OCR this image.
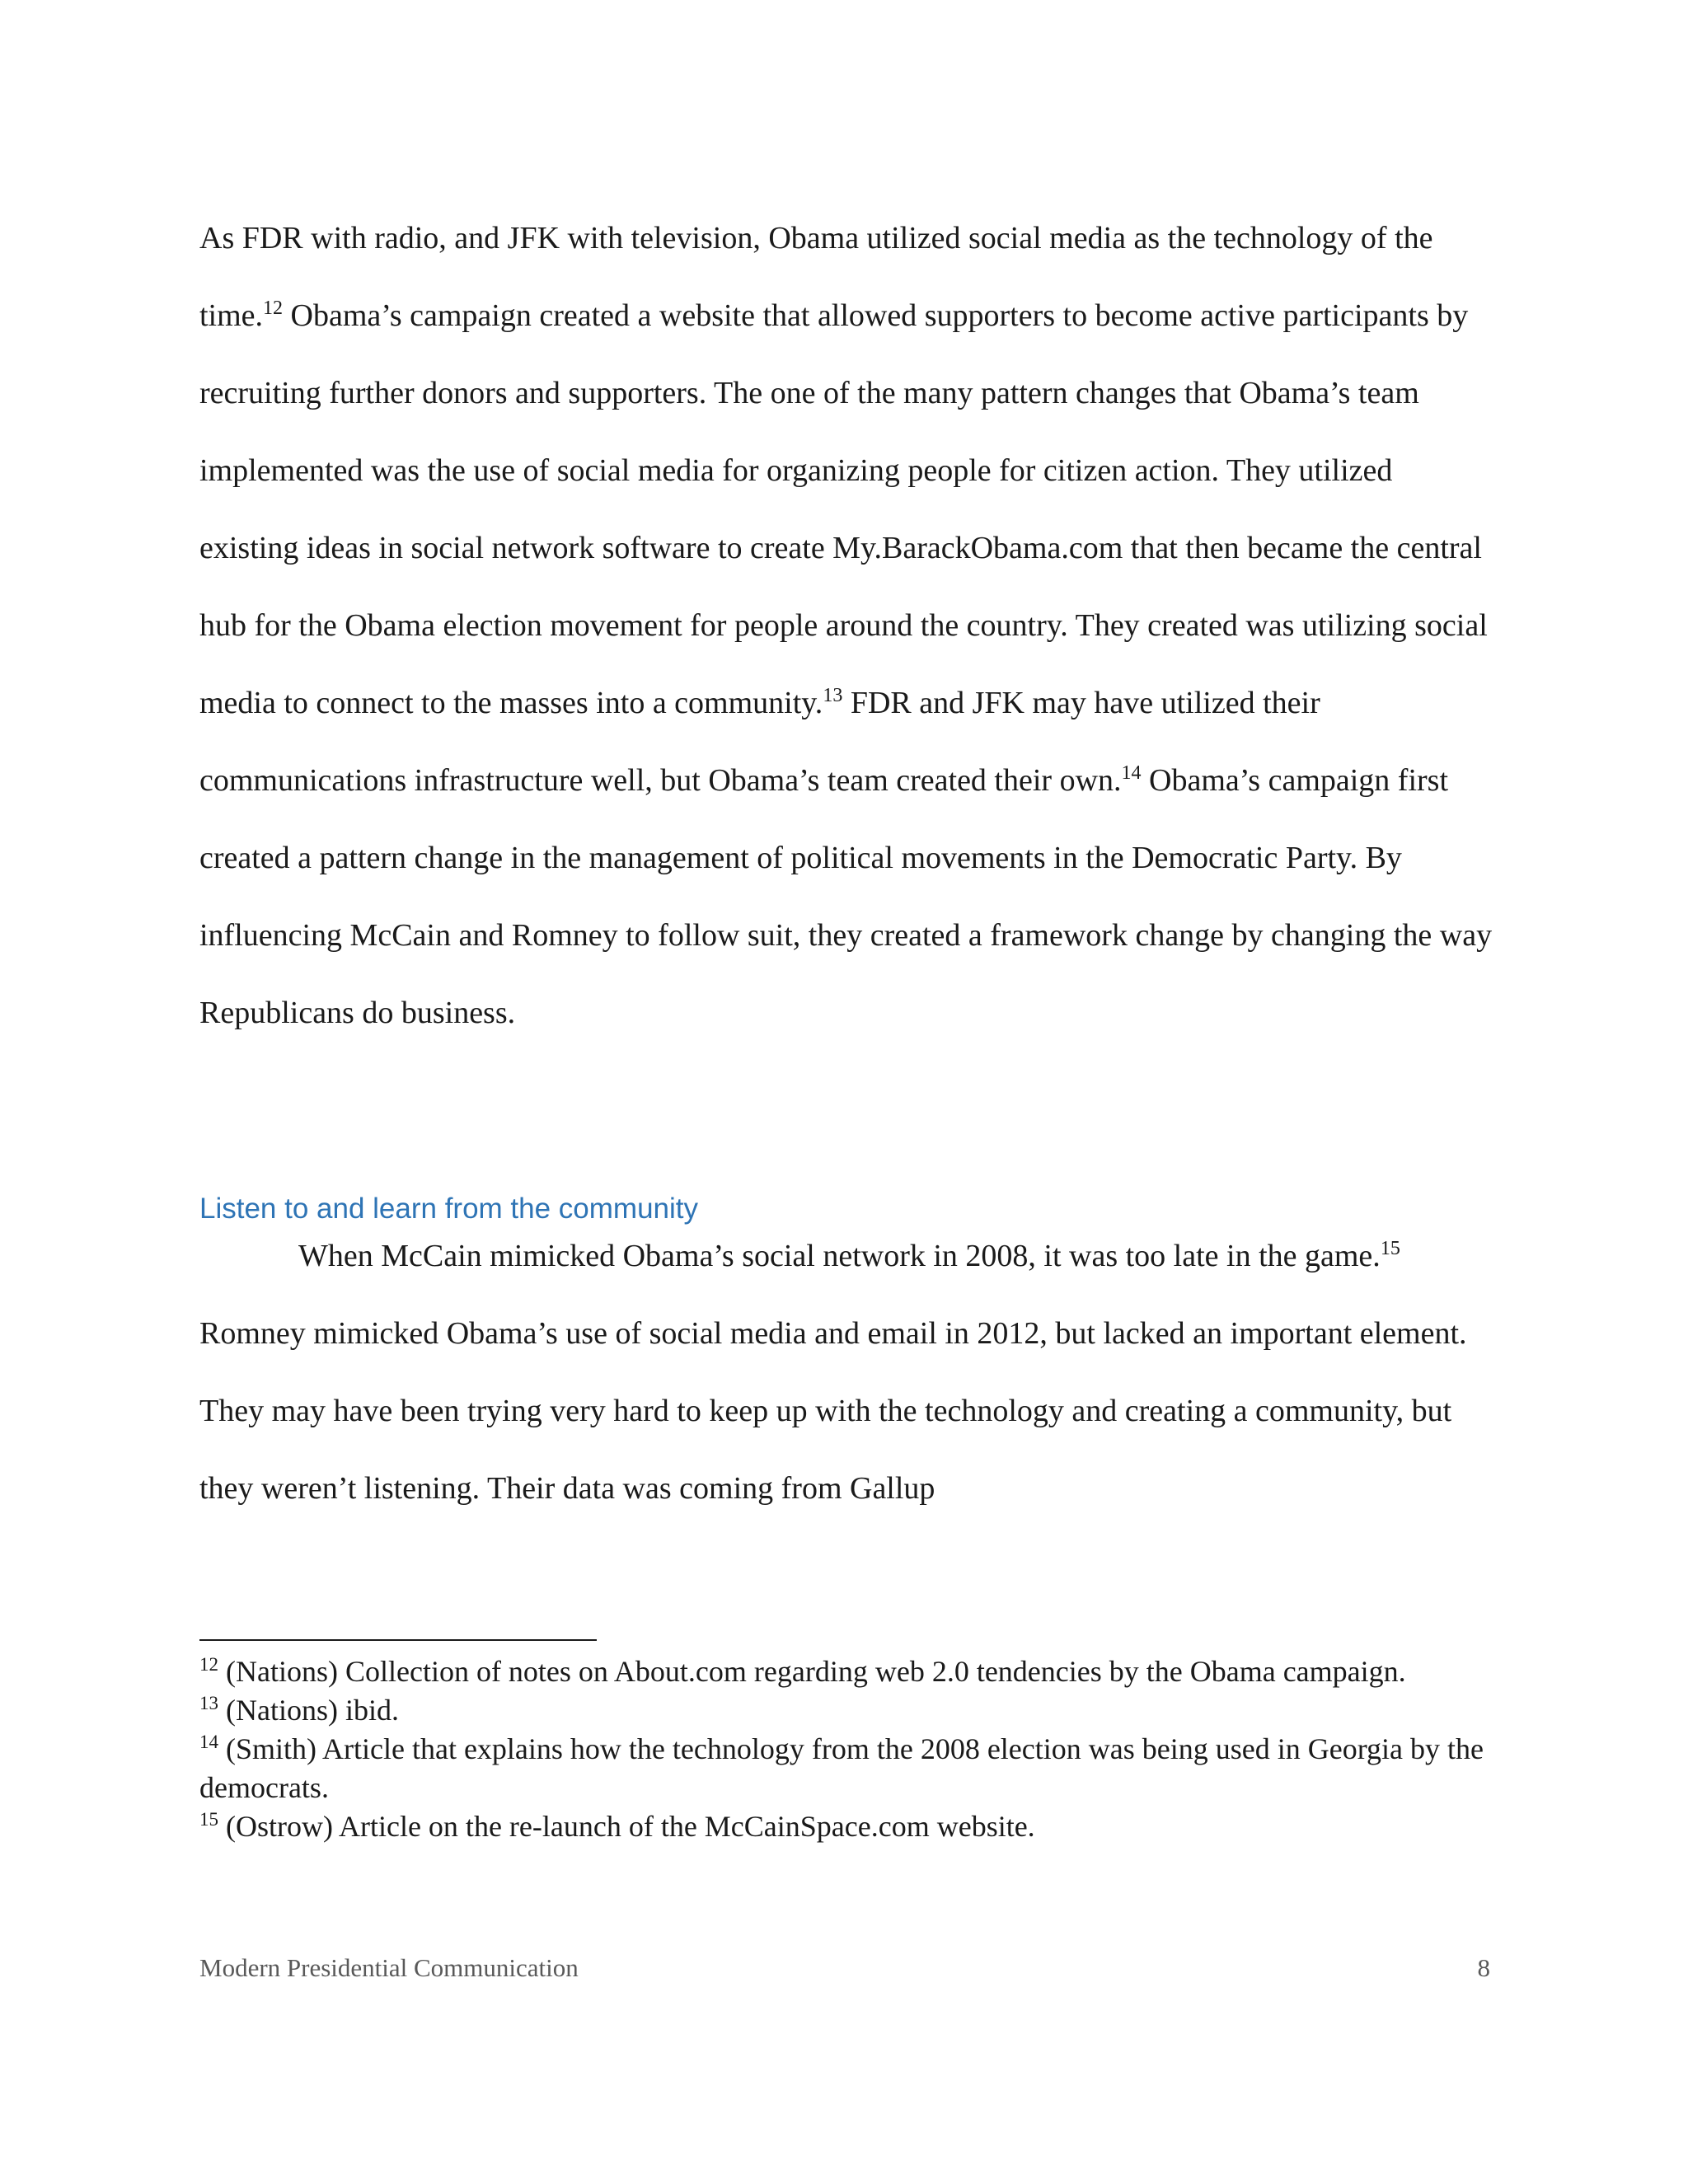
As FDR with radio, and JFK with television, Obama utilized social media as the technology of the time.$^{12}$ Obama’s campaign created a website that allowed supporters to become active participants by recruiting further donors and supporters. The one of the many pattern changes that Obama’s team implemented was the use of social media for organizing people for citizen action. They utilized existing ideas in social network software to create My.BarackObama.com that then became the central hub for the Obama election movement for people around the country. They created was utilizing social media to connect to the masses into a community.$^{13}$ FDR and JFK may have utilized their communications infrastructure well, but Obama’s team created their own.$^{14}$ Obama’s campaign first created a pattern change in the management of political movements in the Democratic Party. By influencing McCain and Romney to follow suit, they created a framework change by changing the way Republicans do business.

Listen to and learn from the community

When McCain mimicked Obama’s social network in 2008, it was too late in the game.$^{15}$ Romney mimicked Obama’s use of social media and email in 2012, but lacked an important element. They may have been trying very hard to keep up with the technology and creating a community, but they weren’t listening. Their data was coming from Gallup

$^{12}$ (Nations) Collection of notes on About.com regarding web 2.0 tendencies by the Obama campaign.
$^{13}$ (Nations) ibid.
$^{14}$ (Smith) Article that explains how the technology from the 2008 election was being used in Georgia by the democrats.
$^{15}$ (Ostrow) Article on the re-launch of the McCainSpace.com website.
Modern Presidential Communication	8
